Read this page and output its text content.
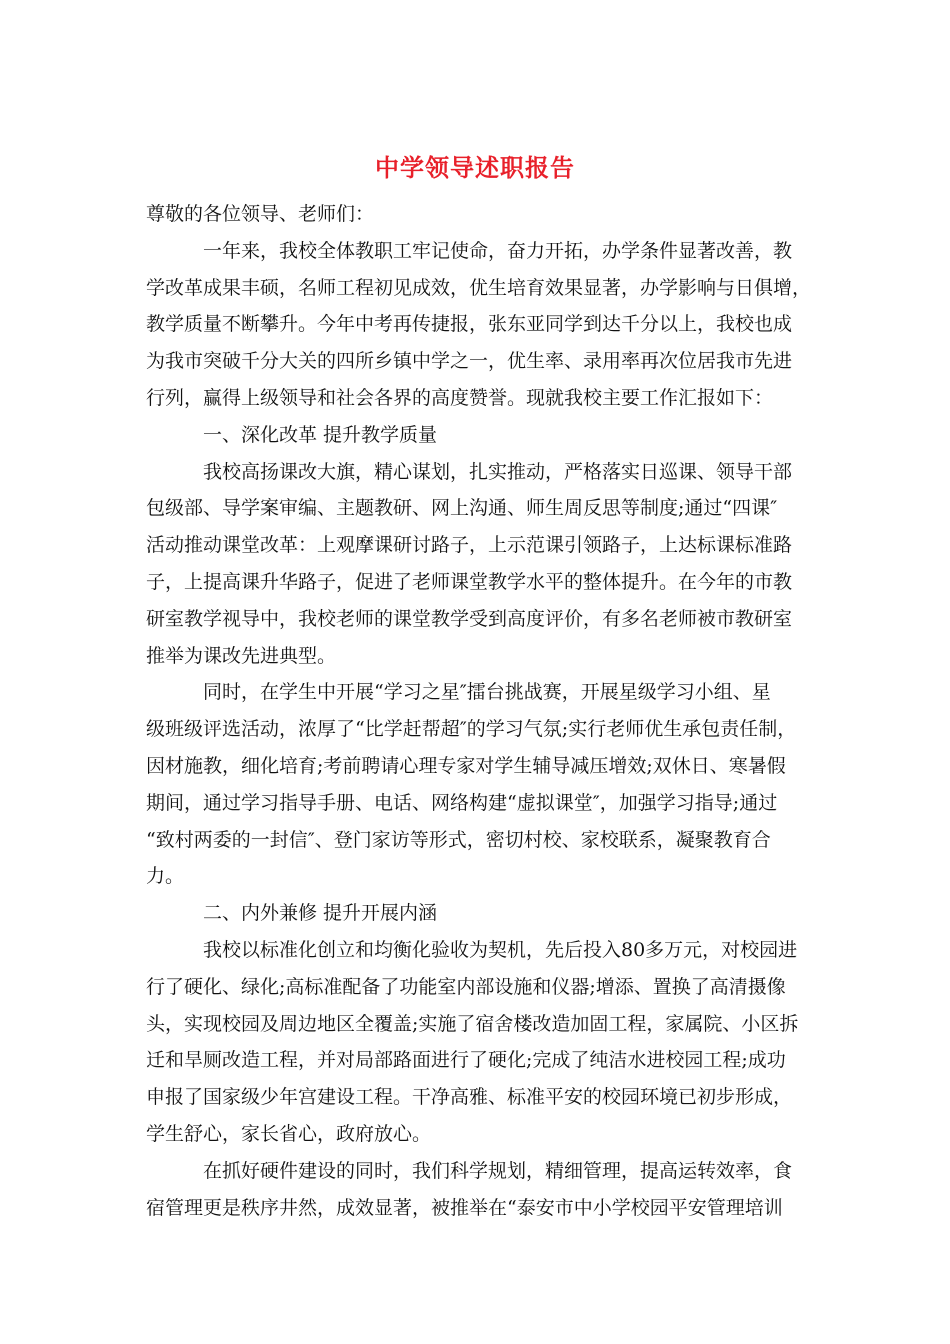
中学领导述职报告
尊敬的各位领导、老师们：
一年来，我校全体教职工牢记使命，奋力开拓，办学条件显著改善，教
学改革成果丰硕，名师工程初见成效，优生培育效果显著，办学影响与日俱增，
教学质量不断攀升。今年中考再传捷报，张东亚同学到达千分以上，我校也成
为我市突破千分大关的四所乡镇中学之一，优生率、录用率再次位居我市先进
行列，赢得上级领导和社会各界的高度赞誉。现就我校主要工作汇报如下：
一、深化改革 提升教学质量
我校高扬课改大旗，精心谋划，扎实推动，严格落实日巡课、领导干部
包级部、导学案审编、主题教研、网上沟通、师生周反思等制度;通过“四课″
活动推动课堂改革：上观摩课研讨路子，上示范课引领路子，上达标课标准路
子，上提高课升华路子，促进了老师课堂教学水平的整体提升。在今年的市教
研室教学视导中，我校老师的课堂教学受到高度评价，有多名老师被市教研室
推举为课改先进典型。
同时，在学生中开展“学习之星″擂台挑战赛，开展星级学习小组、星
级班级评选活动，浓厚了“比学赶帮超″的学习气氛;实行老师优生承包责任制，
因材施教，细化培育;考前聘请心理专家对学生辅导减压增效;双休日、寒暑假
期间，通过学习指导手册、电话、网络构建“虚拟课堂″，加强学习指导;通过
“致村两委的一封信″、登门家访等形式，密切村校、家校联系，凝聚教育合
力。
二、内外兼修 提升开展内涵
我校以标准化创立和均衡化验收为契机，先后投入80多万元，对校园进
行了硬化、绿化;高标准配备了功能室内部设施和仪器;增添、置换了高清摄像
头，实现校园及周边地区全覆盖;实施了宿舍楼改造加固工程，家属院、小区拆
迁和旱厕改造工程，并对局部路面进行了硬化;完成了纯洁水进校园工程;成功
申报了国家级少年宫建设工程。干净高雅、标准平安的校园环境已初步形成，
学生舒心，家长省心，政府放心。
在抓好硬件建设的同时，我们科学规划，精细管理，提高运转效率，食
宿管理更是秩序井然，成效显著，被推举在“泰安市中小学校园平安管理培训
